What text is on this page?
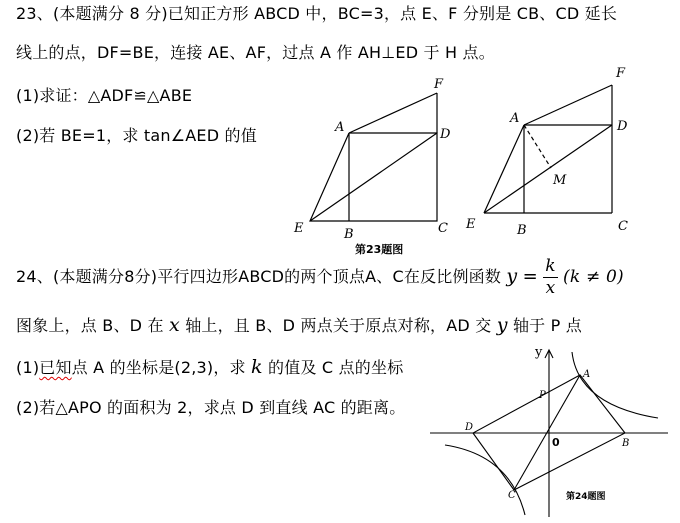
23、(本题满分 8 分)已知正方形 ABCD 中，BC=3，点 E、F 分别是 CB、CD 延长
线上的点，DF=BE，连接 AE、AF，过点 A 作 AH⊥ED 于 H 点。
(1)求证：△ADF≌△ABE
(2)若 BE=1，求 tan∠AED 的值
24、(本题满分8分)平行四边形ABCD的两个顶点A、C在反比例函数 $y = \frac{k}{x} (k \ne 0)$
图象上，点 B、D 在 x 轴上，且 B、D 两点关于原点对称，AD 交 y 轴于 P 点
(1)已知点 A 的坐标是(2,3)，求 k 的值及 C 点的坐标
(2)若△APO 的面积为 2，求点 D 到直线 AC 的距离。
A	D
F
E	B	C
第23题图
A
D
F
E	B	C
M
y
A
B
C
D
P
0
第24题图
